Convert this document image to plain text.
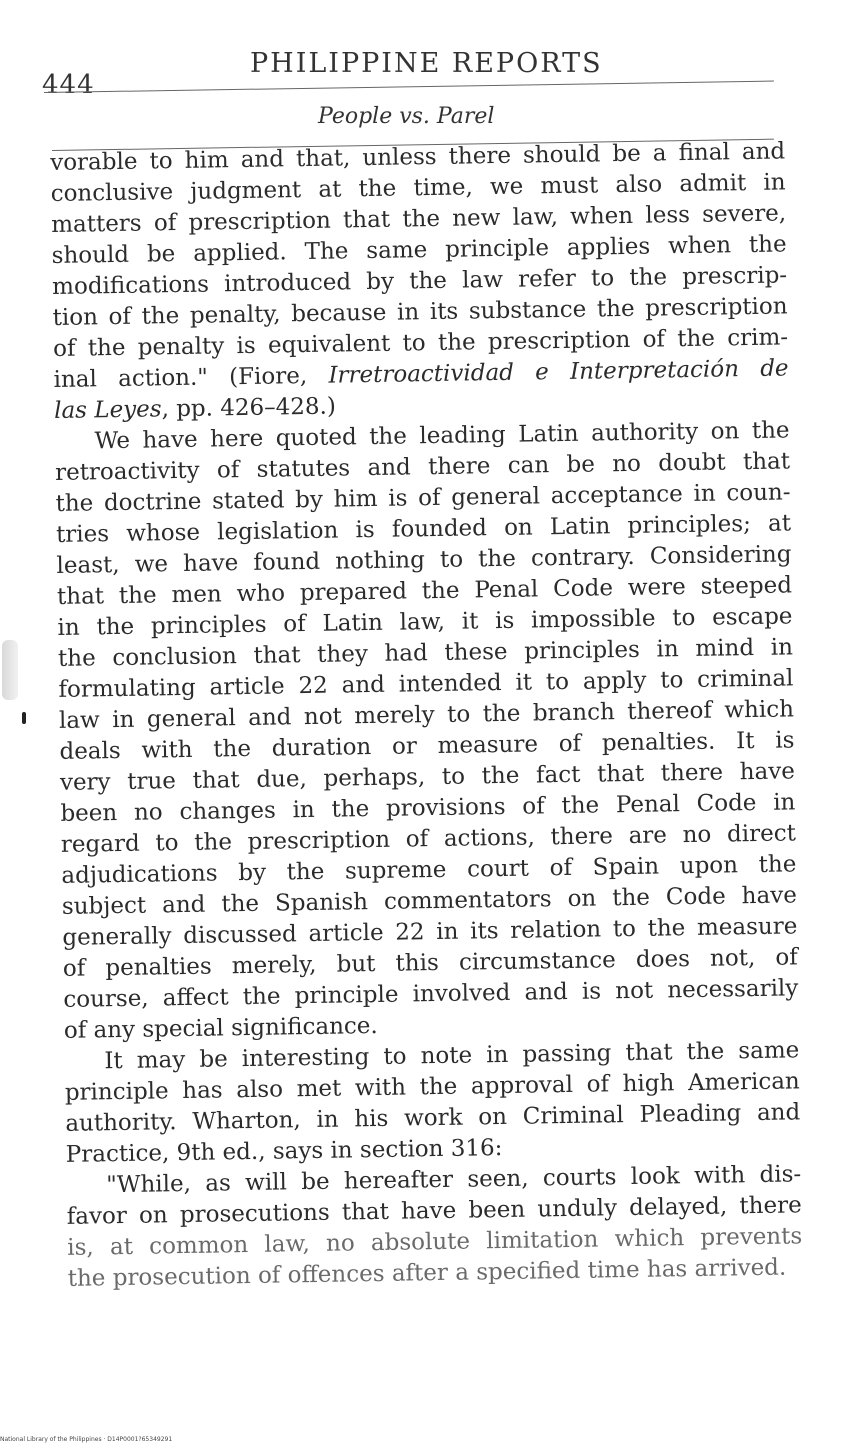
444
PHILIPPINE REPORTS
People vs. Parel
vorable to him and that, unless there should be a final and
conclusive judgment at the time, we must also admit in
matters of prescription that the new law, when less severe,
should be applied. The same principle applies when the
modifications introduced by the law refer to the prescrip-
tion of the penalty, because in its substance the prescription
of the penalty is equivalent to the prescription of the crim-
inal action." (Fiore, Irretroactividad e Interpretación de
las Leyes, pp. 426–428.)
We have here quoted the leading Latin authority on the
retroactivity of statutes and there can be no doubt that
the doctrine stated by him is of general acceptance in coun-
tries whose legislation is founded on Latin principles; at
least, we have found nothing to the contrary. Considering
that the men who prepared the Penal Code were steeped
in the principles of Latin law, it is impossible to escape
the conclusion that they had these principles in mind in
formulating article 22 and intended it to apply to criminal
law in general and not merely to the branch thereof which
deals with the duration or measure of penalties. It is
very true that due, perhaps, to the fact that there have
been no changes in the provisions of the Penal Code in
regard to the prescription of actions, there are no direct
adjudications by the supreme court of Spain upon the
subject and the Spanish commentators on the Code have
generally discussed article 22 in its relation to the measure
of penalties merely, but this circumstance does not, of
course, affect the principle involved and is not necessarily
of any special significance.
It may be interesting to note in passing that the same
principle has also met with the approval of high American
authority. Wharton, in his work on Criminal Pleading and
Practice, 9th ed., says in section 316:
"While, as will be hereafter seen, courts look with dis-
favor on prosecutions that have been unduly delayed, there
is, at common law, no absolute limitation which prevents
the prosecution of offences after a specified time has arrived.
National Library of the Philippines · D14P0001?65349291
